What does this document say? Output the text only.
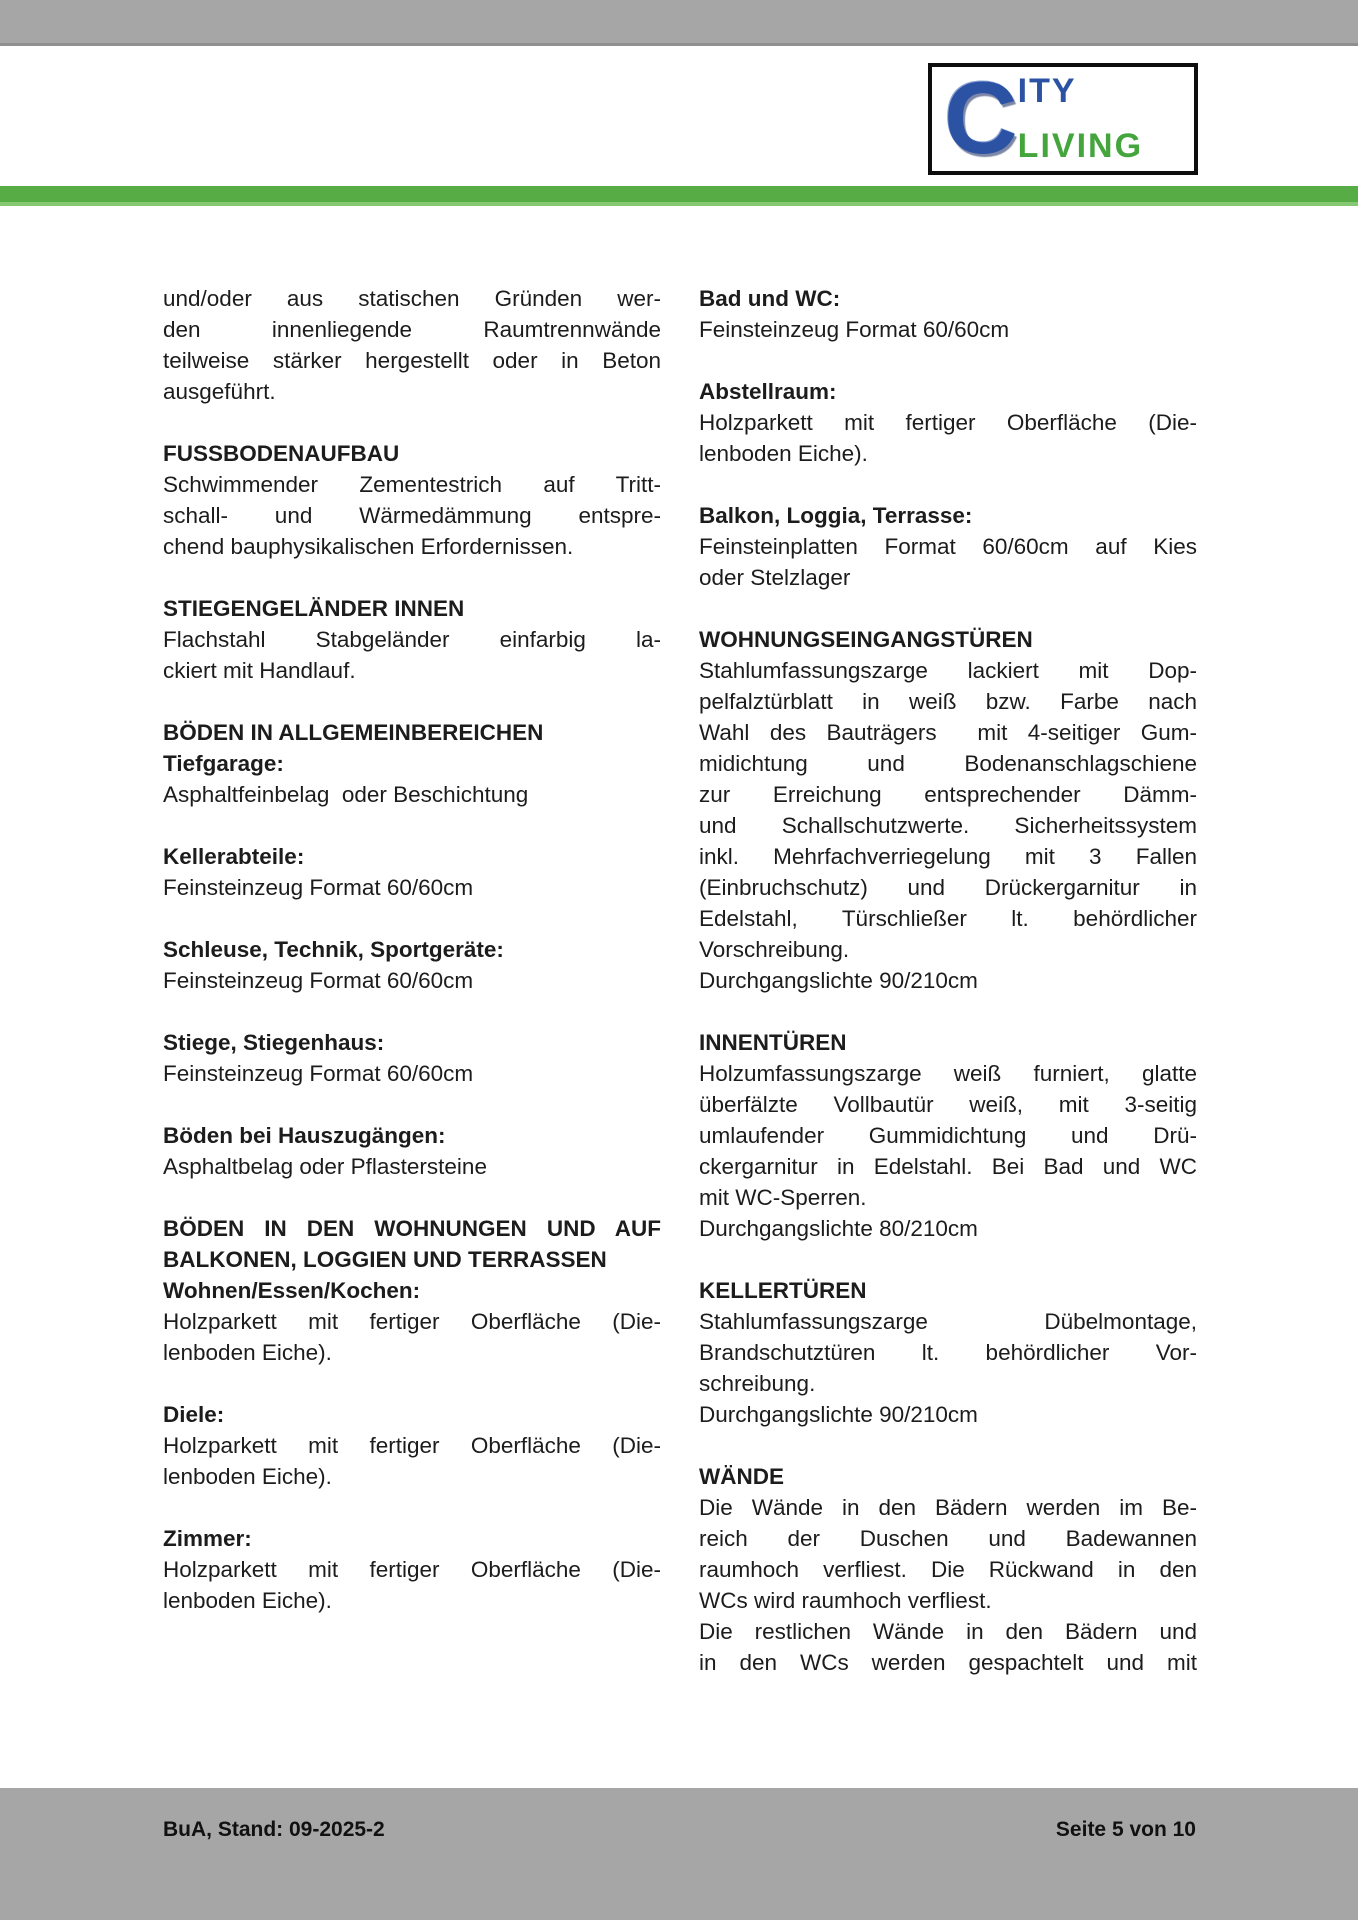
C ITY
LIVING
und/oder aus statischen Gründen wer-
den innenliegende Raumtrennwände
teilweise stärker hergestellt oder in Beton
ausgeführt.
FUSSBODENAUFBAU
Schwimmender Zementestrich auf Tritt-
schall- und Wärmedämmung entspre-
chend bauphysikalischen Erfordernissen.
STIEGENGELÄNDER INNEN
Flachstahl Stabgeländer einfarbig la-
ckiert mit Handlauf.
BÖDEN IN ALLGEMEINBEREICHEN
Tiefgarage:
Asphaltfeinbelag  oder Beschichtung
Kellerabteile:
Feinsteinzeug Format 60/60cm
Schleuse, Technik, Sportgeräte:
Feinsteinzeug Format 60/60cm
Stiege, Stiegenhaus:
Feinsteinzeug Format 60/60cm
Böden bei Hauszugängen:
Asphaltbelag oder Pflastersteine
BÖDEN IN DEN WOHNUNGEN UND AUF
BALKONEN, LOGGIEN UND TERRASSEN
Wohnen/Essen/Kochen:
Holzparkett mit fertiger Oberfläche (Die-
lenboden Eiche).
Diele:
Holzparkett mit fertiger Oberfläche (Die-
lenboden Eiche).
Zimmer:
Holzparkett mit fertiger Oberfläche (Die-
lenboden Eiche).
Bad und WC:
Feinsteinzeug Format 60/60cm
Abstellraum:
Holzparkett mit fertiger Oberfläche (Die-
lenboden Eiche).
Balkon, Loggia, Terrasse:
Feinsteinplatten Format 60/60cm auf Kies
oder Stelzlager
WOHNUNGSEINGANGSTÜREN
Stahlumfassungszarge lackiert mit Dop-
pelfalztürblatt in weiß bzw. Farbe nach
Wahl des Bauträgers  mit 4-seitiger Gum-
midichtung und Bodenanschlagschiene
zur Erreichung entsprechender Dämm-
und Schallschutzwerte. Sicherheitssystem
inkl. Mehrfachverriegelung mit 3 Fallen
(Einbruchschutz) und Drückergarnitur in
Edelstahl, Türschließer lt. behördlicher
Vorschreibung.
Durchgangslichte 90/210cm
INNENTÜREN
Holzumfassungszarge weiß furniert, glatte
überfälzte Vollbautür weiß, mit 3-seitig
umlaufender Gummidichtung und Drü-
ckergarnitur in Edelstahl. Bei Bad und WC
mit WC-Sperren.
Durchgangslichte 80/210cm
KELLERTÜREN
Stahlumfassungszarge Dübelmontage,
Brandschutztüren lt. behördlicher Vor-
schreibung.
Durchgangslichte 90/210cm
WÄNDE
Die Wände in den Bädern werden im Be-
reich der Duschen und Badewannen
raumhoch verfliest. Die Rückwand in den
WCs wird raumhoch verfliest.
Die restlichen Wände in den Bädern und
in den WCs werden gespachtelt und mit
BuA, Stand: 09-2025-2	Seite 5 von 10
